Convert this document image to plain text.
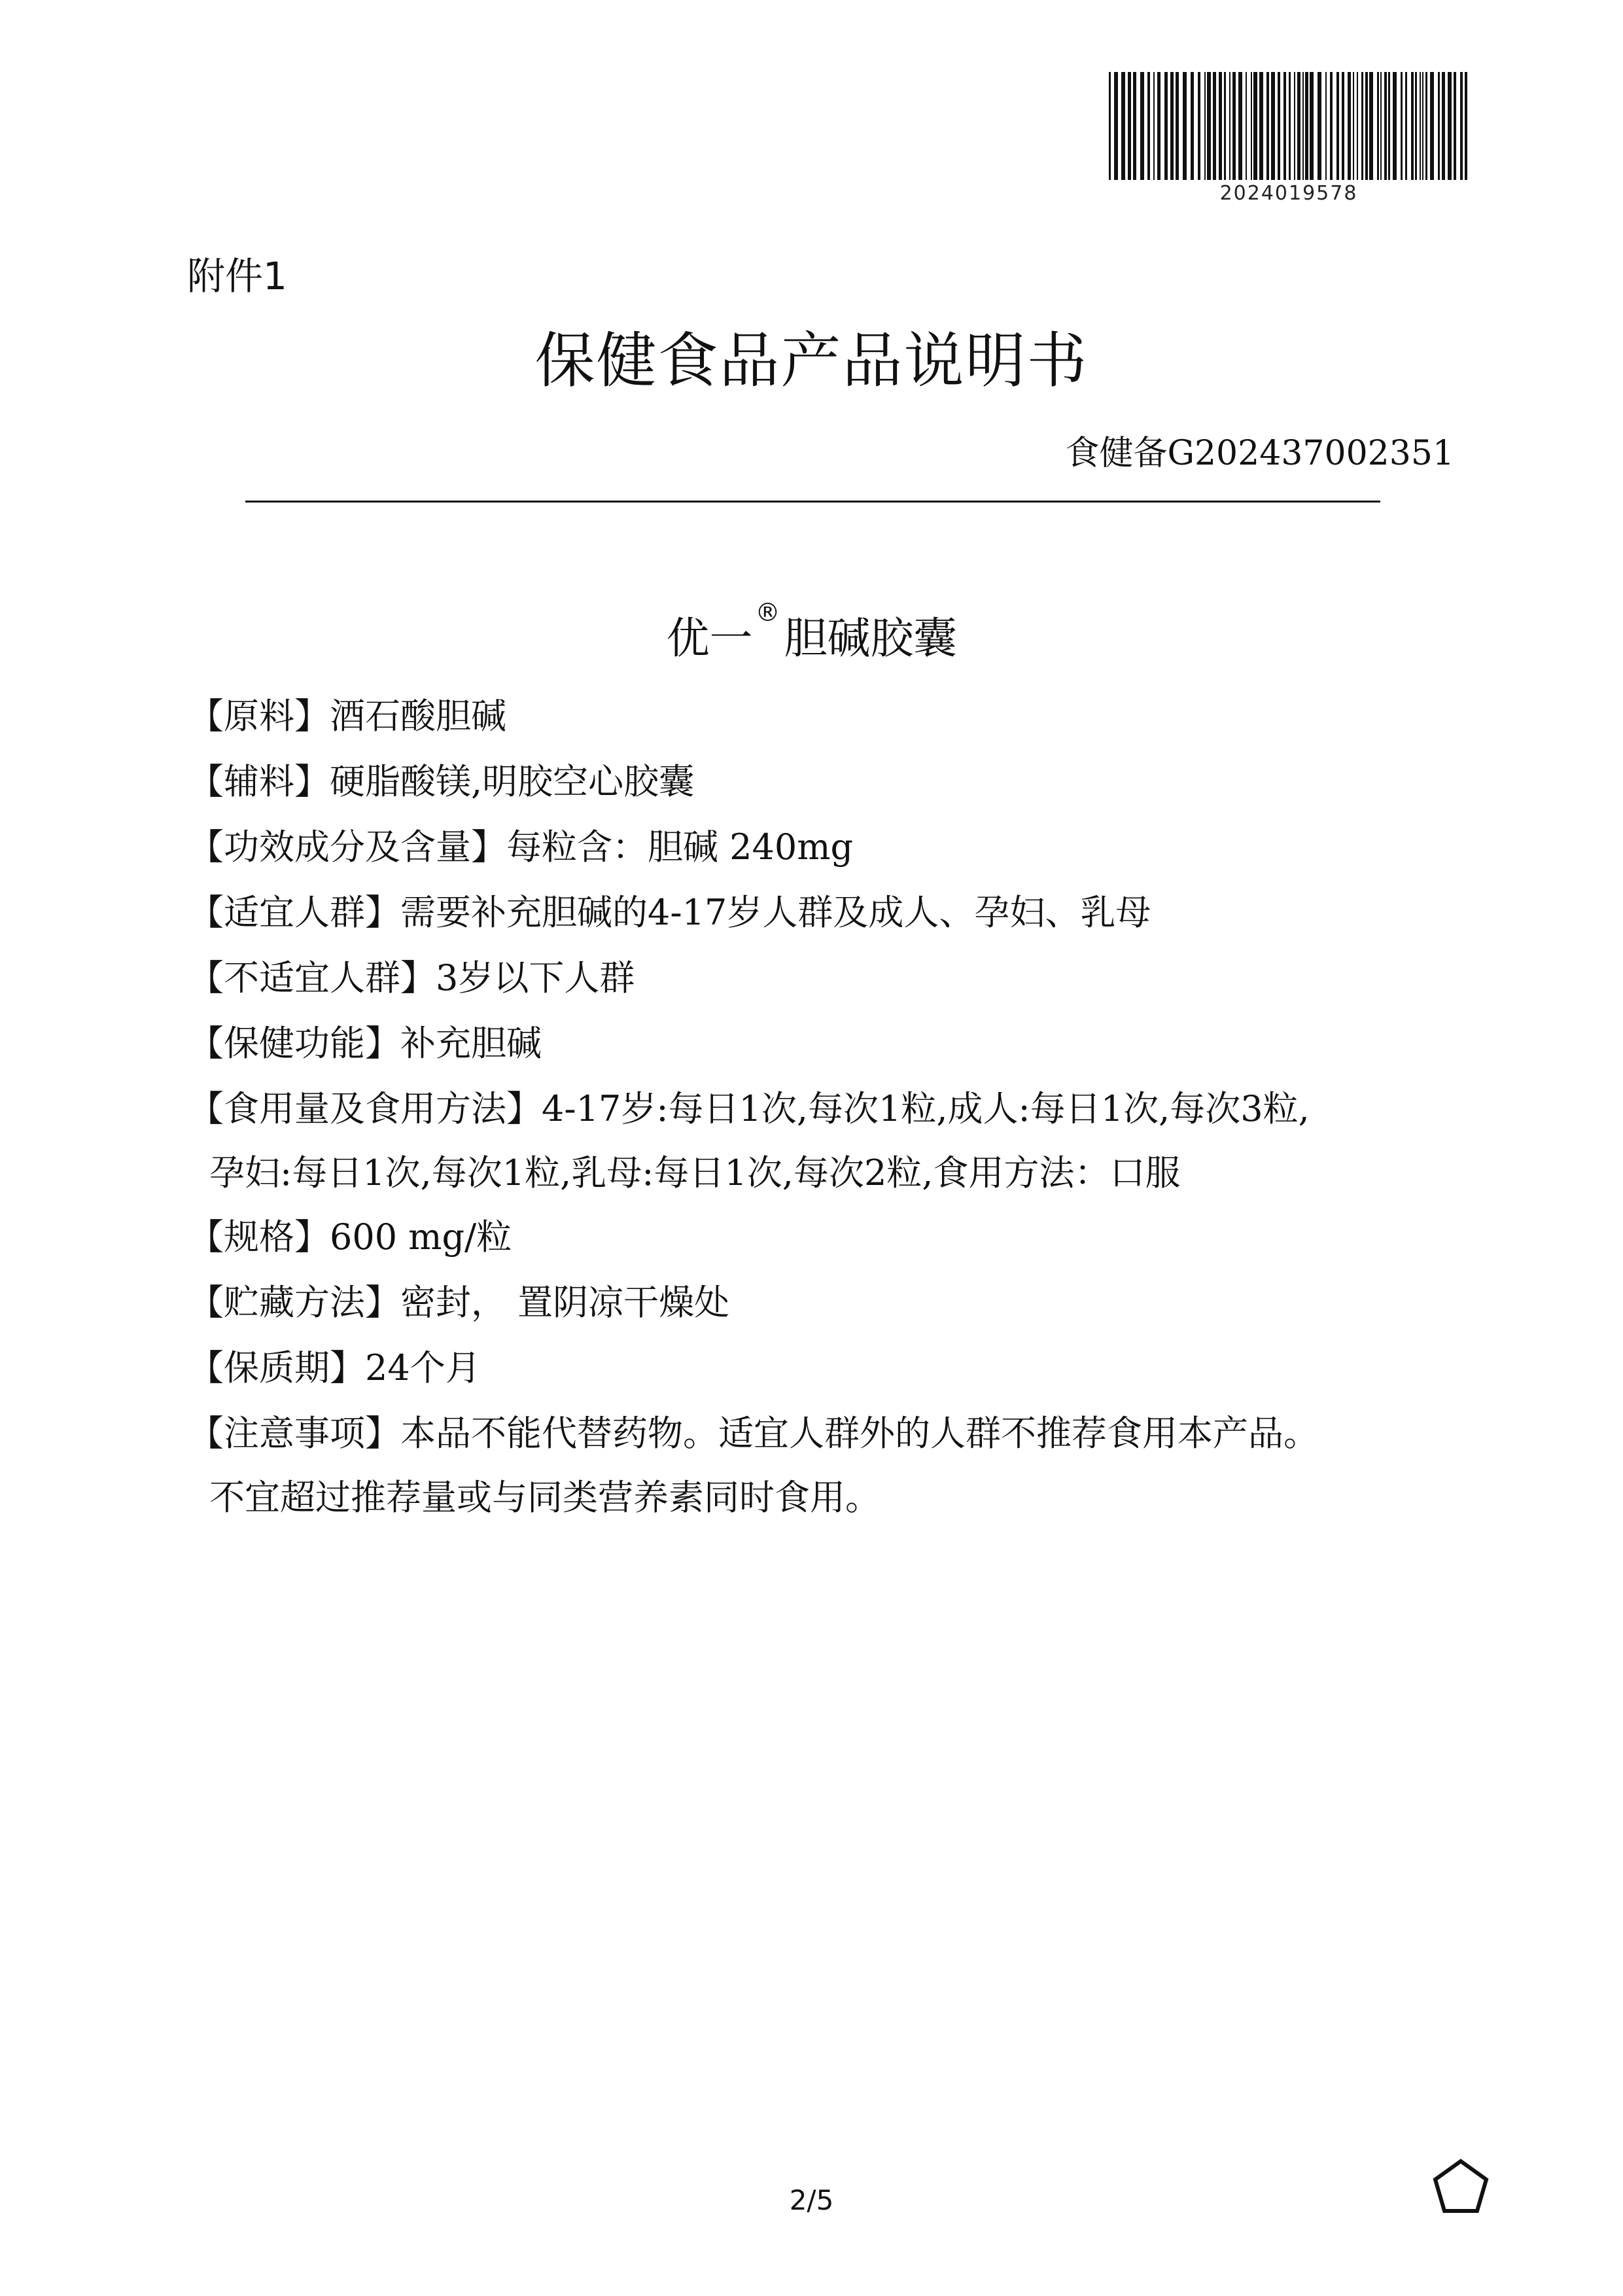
2024019578
附件1
保健食品产品说明书
食健备G202437002351
优一®胆碱胶囊
【原料】酒石酸胆碱
【辅料】硬脂酸镁,明胶空心胶囊
【功效成分及含量】每粒含：胆碱 240mg
【适宜人群】需要补充胆碱的4-17岁人群及成人、孕妇、乳母
【不适宜人群】3岁以下人群
【保健功能】补充胆碱
【食用量及食用方法】4-17岁:每日1次,每次1粒,成人:每日1次,每次3粒,
孕妇:每日1次,每次1粒,乳母:每日1次,每次2粒,食用方法：口服
【规格】600 mg/粒
【贮藏方法】密封， 置阴凉干燥处
【保质期】24个月
【注意事项】本品不能代替药物。适宜人群外的人群不推荐食用本产品。
不宜超过推荐量或与同类营养素同时食用。
2/5
